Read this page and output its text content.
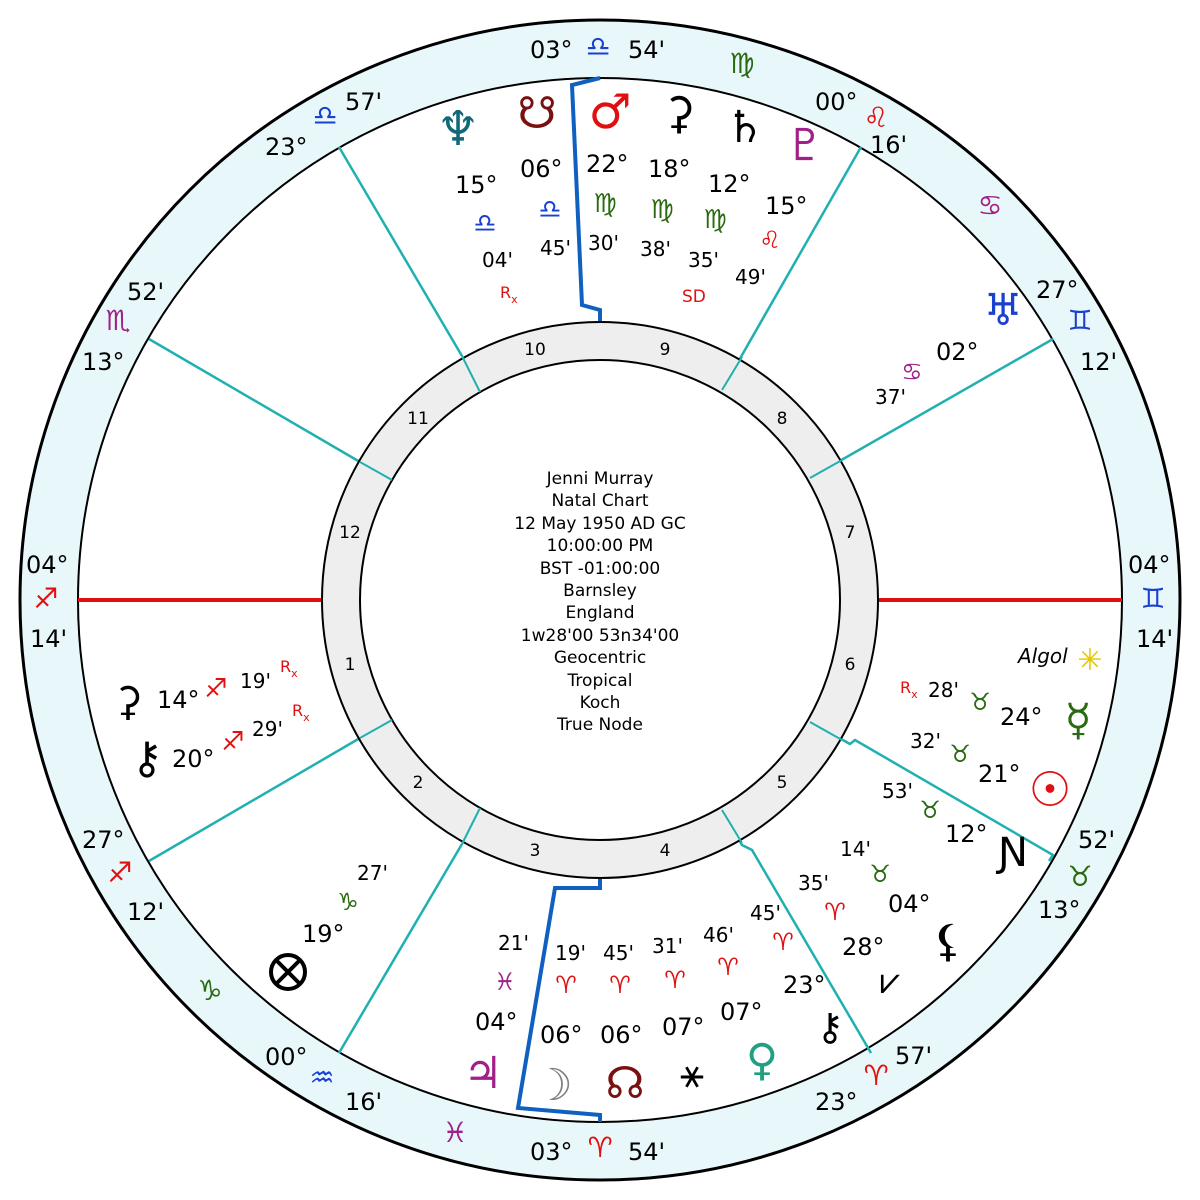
10	9
11	8
12	7
1	6
2	5
3	4
Jenni Murray
Natal Chart
12 May 1950 AD GC
10:00:00 PM
BST -01:00:00
Barnsley
England
1w28'00 53n34'00
Geocentric
Tropical
Koch
True Node
03° 54'
57'
23°
52'
13°
04°
14'
27°
12'
00°
16'
03° 54'
57'
23°
52'
13°
04°
14'
27°
12'
00°
16'
♎
♍
♎	♌
♏
♋
♊
♐	♊
♐	♉
♑
♒	♈
♓	♈
♆
15°
♎
04'
$R_x$
☋
06°
♎
45'
♂
22°
♍
30'
⚳
18°
♍
38'
♄
12°
♍
35'
SD
♇
15°
♌
49'
♅
02°
♋
37'
Algol ✳
$R_x$ 28' ♉
24° ☿
32' ♉
21° ☉
53'
♉
12° Ɲ
14'
♉
04°
⚸
35'
♈
28°
⩗
45'
♈
23°
⚷
46'
♈
07°
♀
31'
♈
07°
⚹
45'
♈
06°
☊
19'
♈
06°
☽
21'
♓
04°
♃
27'
♑
19°
⚷ 20°
♐ 29'
$R_x$
⚳ 14° ♐ 19'
$R_x$
